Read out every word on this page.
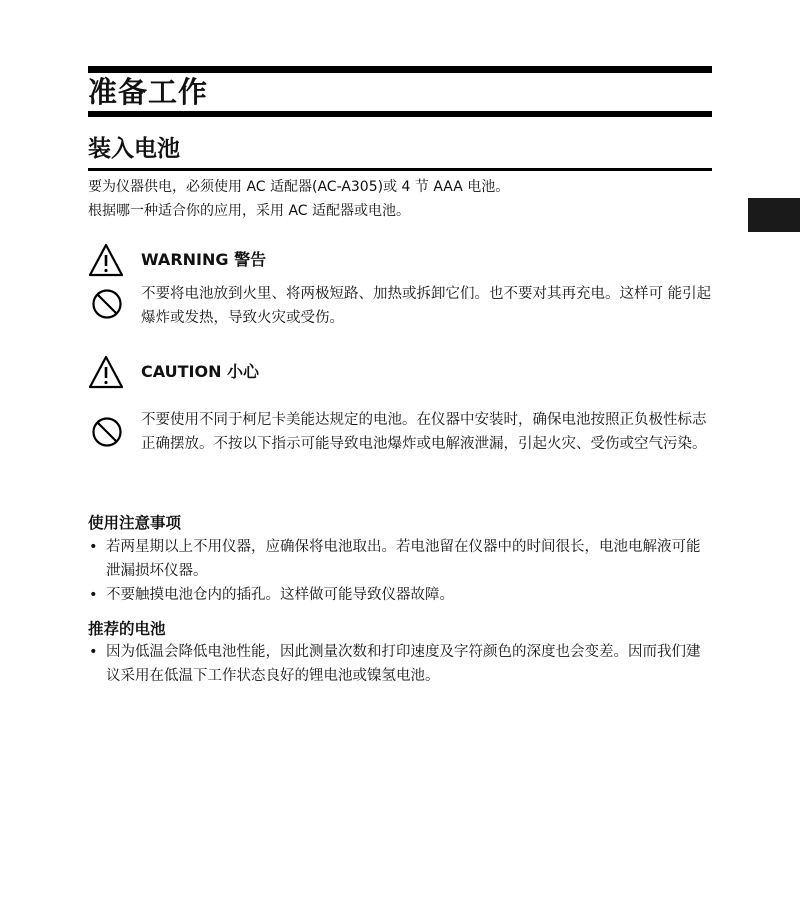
准备工作
装入电池

要为仪器供电，必须使用 AC 适配器(AC-A305)或 4 节 AAA 电池。

根据哪一种适合你的应用，采用 AC 适配器或电池。

WARNING 警告
不要将电池放到火里、将两极短路、加热或拆卸它们。也不要对其再充电。这样可 能引起爆炸或发热，导致火灾或受伤。
CAUTION 小心
不要使用不同于柯尼卡美能达规定的电池。在仪器中安装时，确保电池按照正负极性标志正确摆放。不按以下指示可能导致电池爆炸或电解液泄漏，引起火灾、受伤或空气污染。
使用注意事项
• 若两星期以上不用仪器，应确保将电池取出。若电池留在仪器中的时间很长，电池电解液可能泄漏损坏仪器。
• 不要触摸电池仓内的插孔。这样做可能导致仪器故障。
推荐的电池
• 因为低温会降低电池性能，因此测量次数和打印速度及字符颜色的深度也会变差。因而我们建议采用在低温下工作状态良好的锂电池或镍氢电池。
